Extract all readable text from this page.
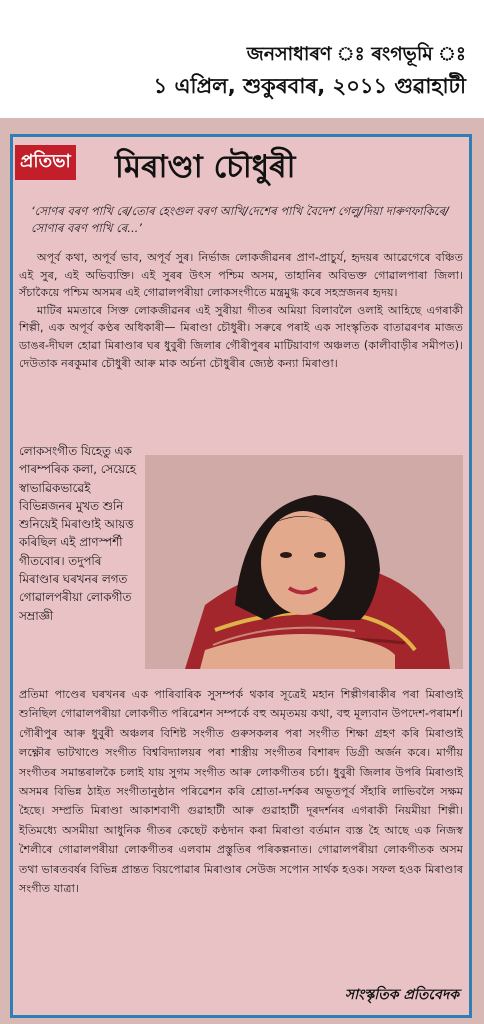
জনসাধাৰণ ঃ ৰংগভূমি ঃ
১ এপ্ৰিল, শুকুৰবাৰ, ২০১১ গুৱাহাটী
প্ৰতিভা মিৰাণ্ডা চৌধুৰী
‘সোণৰ বৰণ পাখি ৰে/তোৰ হেংগুল বৰণ আখি/দেশেৰ পাখি বৈদেশ গেলু/দিয়া দাৰুণফাকিৰে/সোণাৰ বৰণ পাখি ৰে...’

অপূৰ্ব কথা, অপূৰ্ব ভাব, অপূৰ্ব সুৰ। নিৰ্ভাজ লোকজীৱনৰ প্ৰাণ-প্ৰাচুৰ্য, হৃদয়ৰ আৱেগেৰে বঞ্চিত এই সুৰ, এই অভিব্যক্তি। এই সুৰৰ উৎস পশ্চিম অসম, তাহানিৰ অবিভক্ত গোৱালপাৰা জিলা। সঁচাকৈয়ে পশ্চিম অসমৰ এই গোৱালপৰীয়া লোকসংগীতে মন্ত্ৰমুগ্ধ কৰে সহস্ৰজনৰ হৃদয়।

মাটিৰ মমতাৰে সিক্ত লোকজীৱনৰ এই সুৰীয়া গীতৰ অমিয়া বিলাবলৈ ওলাই আহিছে এগৰাকী শিল্পী, এক অপূৰ্ব কণ্ঠৰ অধিকাৰী— মিৰাণ্ডা চৌধুৰী। সৰুৰে পৰাই এক সাংস্কৃতিক বাতাৱৰণৰ মাজত ডাঙৰ-দীঘল হোৱা মিৰাণ্ডাৰ ঘৰ ধুবুৰী জিলাৰ গৌৰীপুৰৰ মাটিয়াবাগ অঞ্চলত (কালীবাড়ীৰ সমীপত)। দেউতাক নৰকুমাৰ চৌধুৰী আৰু মাক অৰ্চনা চৌধুৰীৰ জ্যেষ্ঠ কন্যা মিৰাণ্ডা।

লোকসংগীত যিহেতু এক পাৰম্পৰিক কলা, সেয়েহে স্বাভাৱিকভাৱেই বিভিন্নজনৰ মুখত শুনি শুনিয়েই মিৰাণ্ডাই আয়ত্ত কৰিছিল এই প্ৰাণস্পৰ্শী গীতবোৰ। তদুপৰি মিৰাণ্ডাৰ ঘৰখনৰ লগত গোৱালপৰীয়া লোকগীত সম্ৰাজ্ঞী
প্ৰতিমা পাণ্ডেৰ ঘৰখনৰ এক পাৰিবাৰিক সুসম্পৰ্ক থকাৰ সূত্ৰেই মহান শিল্পীগৰাকীৰ পৰা মিৰাণ্ডাই শুনিছিল গোৱালপৰীয়া লোকগীত পৰিৱেশন সম্পৰ্কে বহু অমৃতময় কথা, বহু মূল্যবান উপদেশ-পৰামৰ্শ। গৌৰীপুৰ আৰু ধুবুৰী অঞ্চলৰ বিশিষ্ট সংগীত গুৰুসকলৰ পৰা সংগীত শিক্ষা গ্ৰহণ কৰি মিৰাণ্ডাই লক্ষ্ণৌৰ ভাটখাণ্ডে সংগীত বিশ্ববিদ্যালয়ৰ পৰা শাস্ত্ৰীয় সংগীতৰ বিশাৰদ ডিগ্ৰী অৰ্জন কৰে। মাৰ্গীয় সংগীতৰ সমান্তৰালকৈ চলাই যায় সুগম সংগীত আৰু লোকগীতৰ চৰ্চা। ধুবুৰী জিলাৰ উপৰি মিৰাণ্ডাই অসমৰ বিভিন্ন ঠাইত সংগীতানুষ্ঠান পৰিৱেশন কৰি শ্ৰোতা-দৰ্শকৰ অভূতপূৰ্ব সঁহাৰি লাভিবলৈ সক্ষম হৈছে। সম্প্ৰতি মিৰাণ্ডা আকাশবাণী গুৱাহাটী আৰু গুৱাহাটী দূৰদৰ্শনৰ এগৰাকী নিয়মীয়া শিল্পী। ইতিমধ্যে অসমীয়া আধুনিক গীতৰ কেছেট কণ্ঠদান কৰা মিৰাণ্ডা বৰ্তমান ব্যস্ত হৈ আছে এক নিজস্ব শৈলীৰে গোৱালপৰীয়া লোকগীতৰ এলবাম প্ৰস্তুতিৰ পৰিকল্পনাত। গোৱালপৰীয়া লোকগীতক অসম তথা ভাৰতবৰ্ষৰ বিভিন্ন প্ৰান্তত বিয়পোৱাৰ মিৰাণ্ডাৰ সেউজ সপোন সাৰ্থক হওক। সফল হওক মিৰাণ্ডাৰ সংগীত যাত্ৰা।
সাংস্কৃতিক প্ৰতিবেদক
